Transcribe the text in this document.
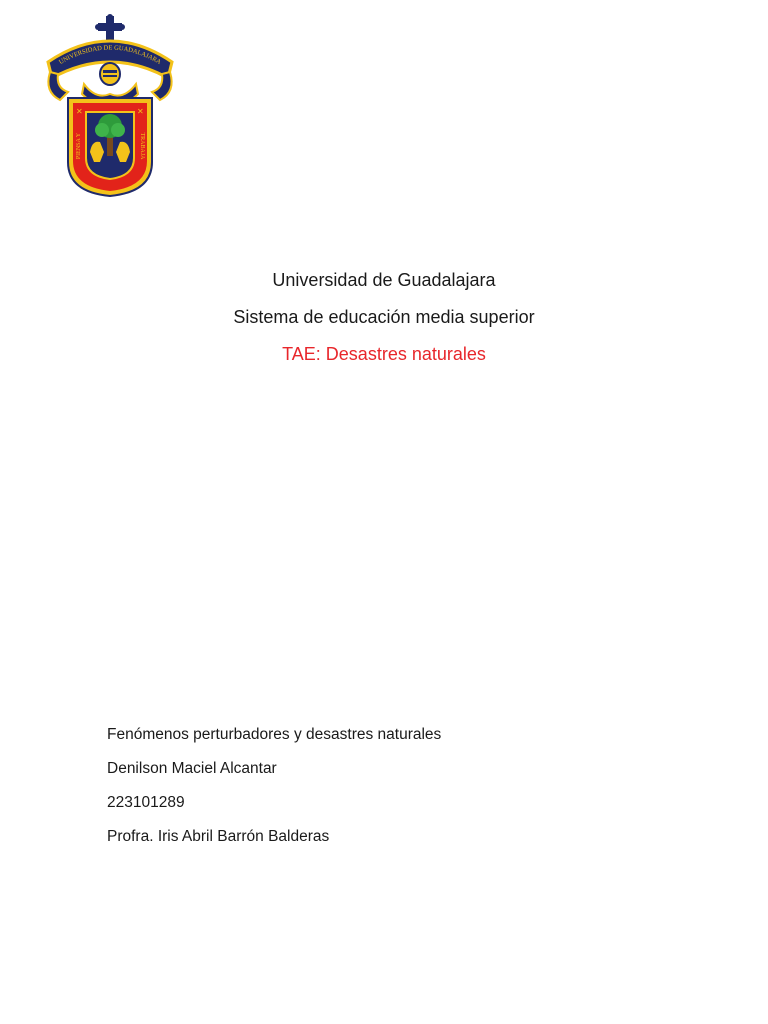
UNIVERSIDAD DE GUADALAJARA
✕	✕
PIENSA Y	TRABAJA

Universidad de Guadalajara

Sistema de educación media superior

TAE: Desastres naturales

Fenómenos perturbadores y desastres naturales

Denilson Maciel Alcantar

223101289

Profra. Iris Abril Barrón Balderas
